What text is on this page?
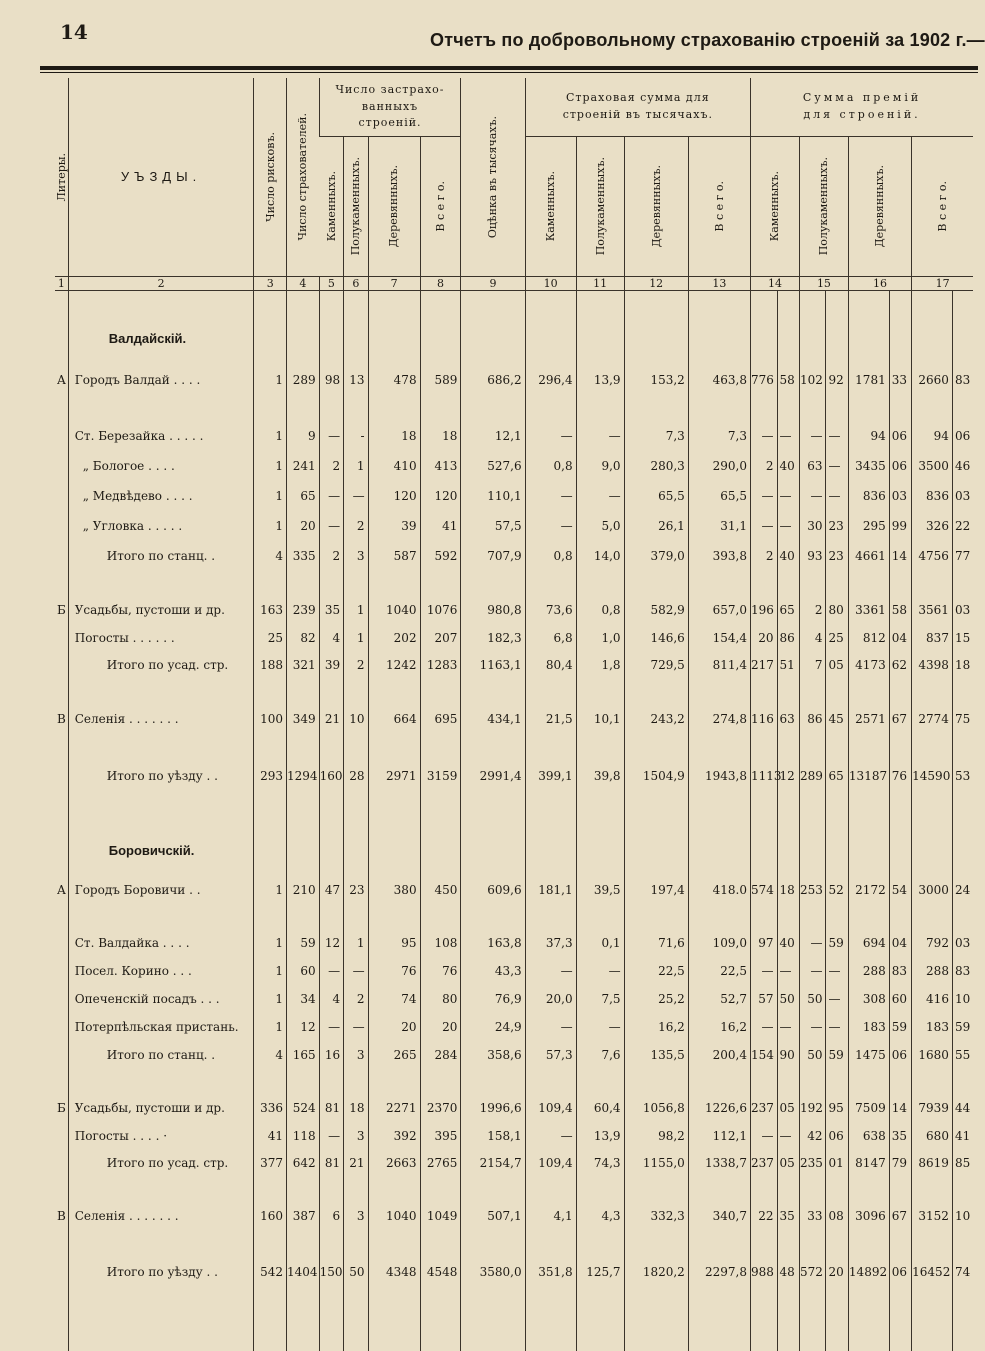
14	Отчетъ по добровольному страхованію строеній за 1902 г.—
Литеры.	УЪЗДЫ.	Число рисковъ.	Число страхователей.	Число застрахо- ванныхъ строеній.				Оцѣнка въ тысячахъ.	Страховая сумма для строеній въ тысячахъ.				Сумма премій для строеній.							

				Каменныхъ.	Полукаменныхъ.	Деревянныхъ.	В с е г о.		Каменныхъ.	Полукаменныхъ.	Деревянныхъ.	В с е г о.	Каменныхъ.		Полукаменныхъ.		Деревянныхъ.		В с е г о.	

1	2	3	4	5	6	7	8	9	10	11	12	13	14		15		16		17	

	Валдайскій.																			
А	Городъ Валдай . . . .	1	289	98	13	478	589	686,2	296,4	13,9	153,2	463,8	776	58	102	92	1781	33	2660	83

	Ст. Березайка . . . . .	1	9	—	-	18	18	12,1	—	—	7,3	7,3	—	—	—	—	94	06	94	06
	„ Бологое . . . .	1	241	2	1	410	413	527,6	0,8	9,0	280,3	290,0	2	40	63	—	3435	06	3500	46
	„ Медвѣдево . . . .	1	65	—	—	120	120	110,1	—	—	65,5	65,5	—	—	—	—	836	03	836	03
	„ Угловка . . . . .	1	20	—	2	39	41	57,5	—	5,0	26,1	31,1	—	—	30	23	295	99	326	22
	Итого по станц. .	4	335	2	3	587	592	707,9	0,8	14,0	379,0	393,8	2	40	93	23	4661	14	4756	77

Б	Усадьбы, пустоши и др.	163	239	35	1	1040	1076	980,8	73,6	0,8	582,9	657,0	196	65	2	80	3361	58	3561	03
	Погосты . . . . . .	25	82	4	1	202	207	182,3	6,8	1,0	146,6	154,4	20	86	4	25	812	04	837	15
	Итого по усад. стр.	188	321	39	2	1242	1283	1163,1	80,4	1,8	729,5	811,4	217	51	7	05	4173	62	4398	18

В	Селенія . . . . . . .	100	349	21	10	664	695	434,1	21,5	10,1	243,2	274,8	116	63	86	45	2571	67	2774	75

	Итого по уѣзду . .	293	1294	160	28	2971	3159	2991,4	399,1	39,8	1504,9	1943,8	1113	12	289	65	13187	76	14590	53

	Боровичскій.																			
А	Городъ Боровичи . .	1	210	47	23	380	450	609,6	181,1	39,5	197,4	418.0	574	18	253	52	2172	54	3000	24

	Ст. Валдайка . . . .	1	59	12	1	95	108	163,8	37,3	0,1	71,6	109,0	97	40	—	59	694	04	792	03
	Посел. Корино . . .	1	60	—	—	76	76	43,3	—	—	22,5	22,5	—	—	—	—	288	83	288	83
	Опеченскій посадъ . . .	1	34	4	2	74	80	76,9	20,0	7,5	25,2	52,7	57	50	50	—	308	60	416	10
	Потерпѣльская пристань.	1	12	—	—	20	20	24,9	—	—	16,2	16,2	—	—	—	—	183	59	183	59
	Итого по станц. .	4	165	16	3	265	284	358,6	57,3	7,6	135,5	200,4	154	90	50	59	1475	06	1680	55

Б	Усадьбы, пустоши и др.	336	524	81	18	2271	2370	1996,6	109,4	60,4	1056,8	1226,6	237	05	192	95	7509	14	7939	44
	Погосты . . . . ·	41	118	—	3	392	395	158,1	—	13,9	98,2	112,1	—	—	42	06	638	35	680	41
	Итого по усад. стр.	377	642	81	21	2663	2765	2154,7	109,4	74,3	1155,0	1338,7	237	05	235	01	8147	79	8619	85

В	Селенія . . . . . . .	160	387	6	3	1040	1049	507,1	4,1	4,3	332,3	340,7	22	35	33	08	3096	67	3152	10

	Итого по уѣзду . .	542	1404	150	50	4348	4548	3580,0	351,8	125,7	1820,2	2297,8	988	48	572	20	14892	06	16452	74
